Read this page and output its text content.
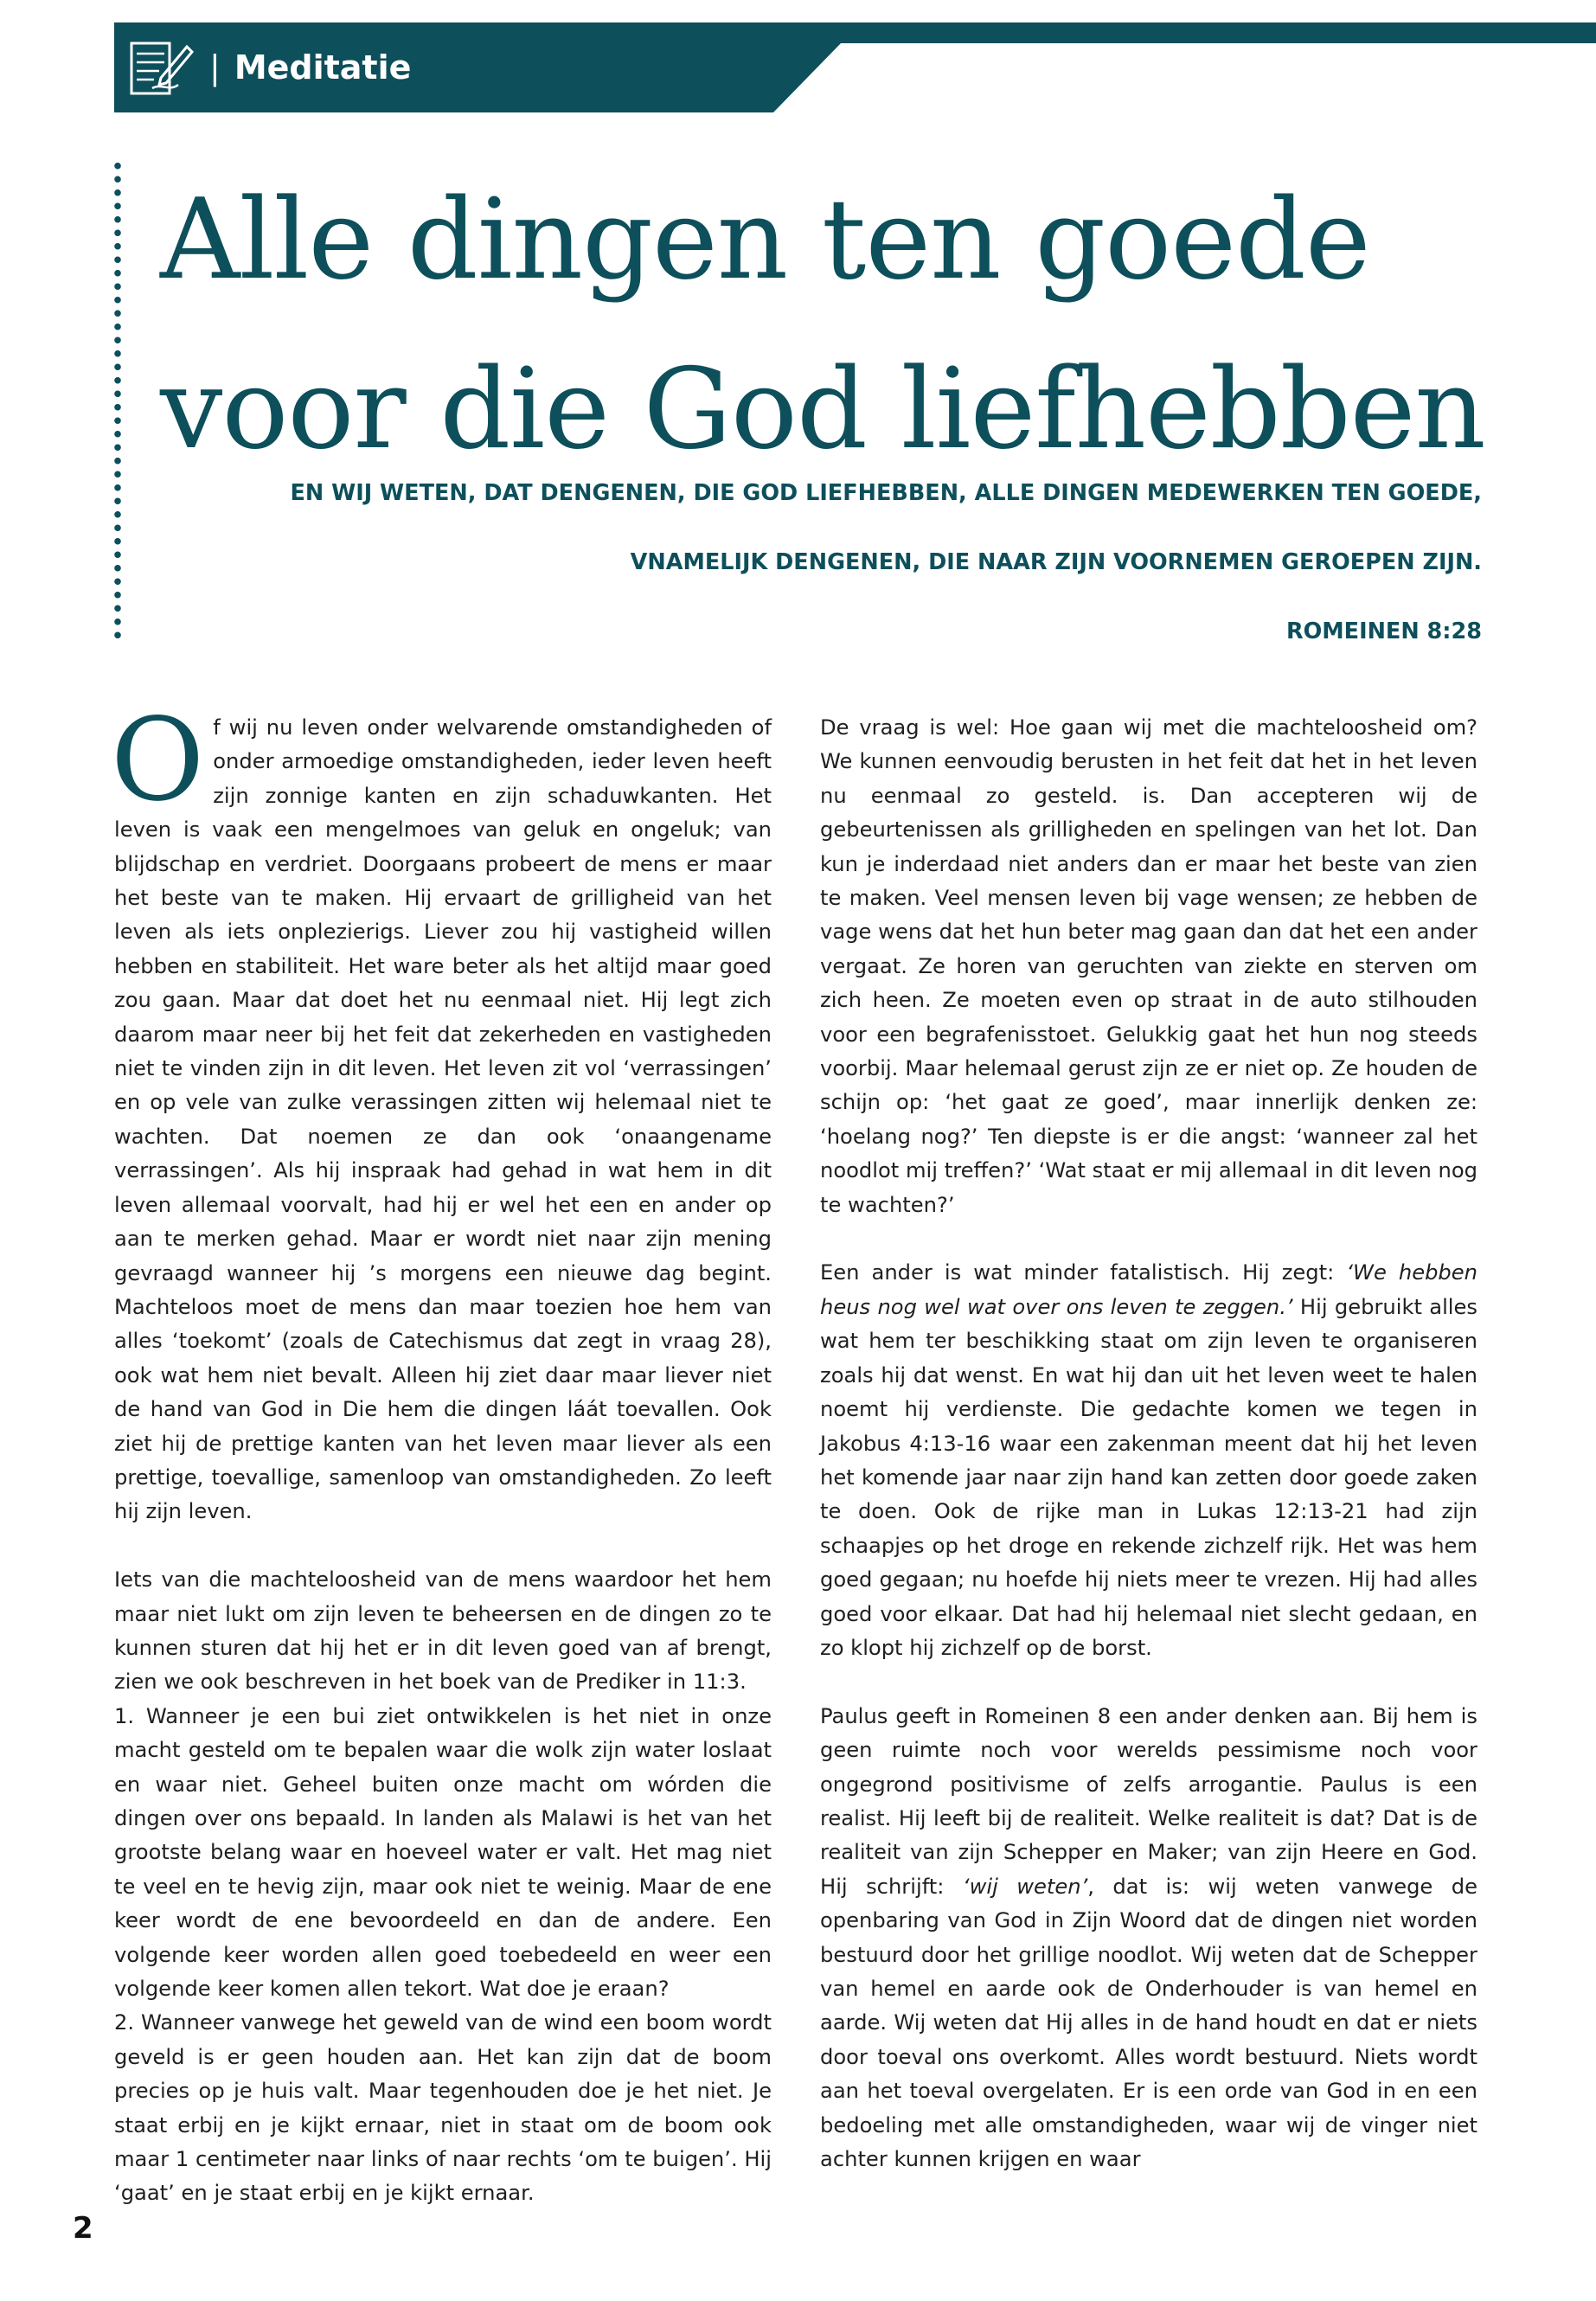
| Meditatie
Alle dingen ten goede
voor die God liefhebben
EN WIJ WETEN, DAT DENGENEN, DIE GOD LIEFHEBBEN, ALLE DINGEN MEDEWERKEN TEN GOEDE,
VNAMELIJK DENGENEN, DIE NAAR ZIJN VOORNEMEN GEROEPEN ZIJN.
ROMEINEN 8:28

Of wij nu leven onder welvarende omstandigheden of onder armoedige omstandigheden, ieder leven heeft zijn zonnige kanten en zijn schaduwkanten. Het leven is vaak een mengelmoes van geluk en ongeluk; van blijdschap en verdriet. Doorgaans probeert de mens er maar het beste van te maken. Hij ervaart de grilligheid van het leven als iets onplezierigs. Liever zou hij vastigheid willen hebben en stabiliteit. Het ware beter als het altijd maar goed zou gaan. Maar dat doet het nu eenmaal niet. Hij legt zich daarom maar neer bij het feit dat zekerheden en vastigheden niet te vinden zijn in dit leven. Het leven zit vol ‘verrassingen’ en op vele van zulke verassingen zitten wij helemaal niet te wachten. Dat noemen ze dan ook ‘onaangename verrassingen’. Als hij inspraak had gehad in wat hem in dit leven allemaal voorvalt, had hij er wel het een en ander op aan te merken gehad. Maar er wordt niet naar zijn mening gevraagd wanneer hij ’s morgens een nieuwe dag begint. Machteloos moet de mens dan maar toezien hoe hem van alles ‘toekomt’ (zoals de Catechismus dat zegt in vraag 28), ook wat hem niet bevalt. Alleen hij ziet daar maar liever niet de hand van God in Die hem die dingen láát toevallen. Ook ziet hij de prettige kanten van het leven maar liever als een prettige, toevallige, samenloop van omstandigheden. Zo leeft hij zijn leven.

Iets van die machteloosheid van de mens waardoor het hem maar niet lukt om zijn leven te beheersen en de dingen zo te kunnen sturen dat hij het er in dit leven goed van af brengt, zien we ook beschreven in het boek van de Prediker in 11:3.

1. Wanneer je een bui ziet ontwikkelen is het niet in onze macht gesteld om te bepalen waar die wolk zijn water loslaat en waar niet. Geheel buiten onze macht om wórden die dingen over ons bepaald. In landen als Malawi is het van het grootste belang waar en hoeveel water er valt. Het mag niet te veel en te hevig zijn, maar ook niet te weinig. Maar de ene keer wordt de ene bevoordeeld en dan de andere. Een volgende keer worden allen goed toebedeeld en weer een volgende keer komen allen tekort. Wat doe je eraan?

2. Wanneer vanwege het geweld van de wind een boom wordt geveld is er geen houden aan. Het kan zijn dat de boom precies op je huis valt. Maar tegenhouden doe je het niet. Je staat erbij en je kijkt ernaar, niet in staat om de boom ook maar 1 centimeter naar links of naar rechts ‘om te buigen’. Hij ‘gaat’ en je staat erbij en je kijkt ernaar.

De vraag is wel: Hoe gaan wij met die machteloosheid om? We kunnen eenvoudig berusten in het feit dat het in het leven nu eenmaal zo gesteld. is. Dan accepteren wij de gebeurtenissen als grilligheden en spelingen van het lot. Dan kun je inderdaad niet anders dan er maar het beste van zien te maken. Veel mensen leven bij vage wensen; ze hebben de vage wens dat het hun beter mag gaan dan dat het een ander vergaat. Ze horen van geruchten van ziekte en sterven om zich heen. Ze moeten even op straat in de auto stilhouden voor een begrafenisstoet. Gelukkig gaat het hun nog steeds voorbij. Maar helemaal gerust zijn ze er niet op. Ze houden de schijn op: ‘het gaat ze goed’, maar innerlijk denken ze: ‘hoelang nog?’ Ten diepste is er die angst: ‘wanneer zal het noodlot mij treffen?’ ‘Wat staat er mij allemaal in dit leven nog te wachten?’

Een ander is wat minder fatalistisch. Hij zegt: ‘We hebben heus nog wel wat over ons leven te zeggen.’ Hij gebruikt alles wat hem ter beschikking staat om zijn leven te organiseren zoals hij dat wenst. En wat hij dan uit het leven weet te halen noemt hij verdienste. Die gedachte komen we tegen in Jakobus 4:13-16 waar een zakenman meent dat hij het leven het komende jaar naar zijn hand kan zetten door goede zaken te doen. Ook de rijke man in Lukas 12:13-21 had zijn schaapjes op het droge en rekende zichzelf rijk. Het was hem goed gegaan; nu hoefde hij niets meer te vrezen. Hij had alles goed voor elkaar. Dat had hij helemaal niet slecht gedaan, en zo klopt hij zichzelf op de borst.

Paulus geeft in Romeinen 8 een ander denken aan. Bij hem is geen ruimte noch voor werelds pessimisme noch voor ongegrond positivisme of zelfs arrogantie. Paulus is een realist. Hij leeft bij de realiteit. Welke realiteit is dat? Dat is de realiteit van zijn Schepper en Maker; van zijn Heere en God. Hij schrijft: ‘wij weten’, dat is: wij weten vanwege de openbaring van God in Zijn Woord dat de dingen niet worden bestuurd door het grillige noodlot. Wij weten dat de Schepper van hemel en aarde ook de Onderhouder is van hemel en aarde. Wij weten dat Hij alles in de hand houdt en dat er niets door toeval ons overkomt. Alles wordt bestuurd. Niets wordt aan het toeval overgelaten. Er is een orde van God in en een bedoeling met alle omstandigheden, waar wij de vinger niet achter kunnen krijgen en waar

2
